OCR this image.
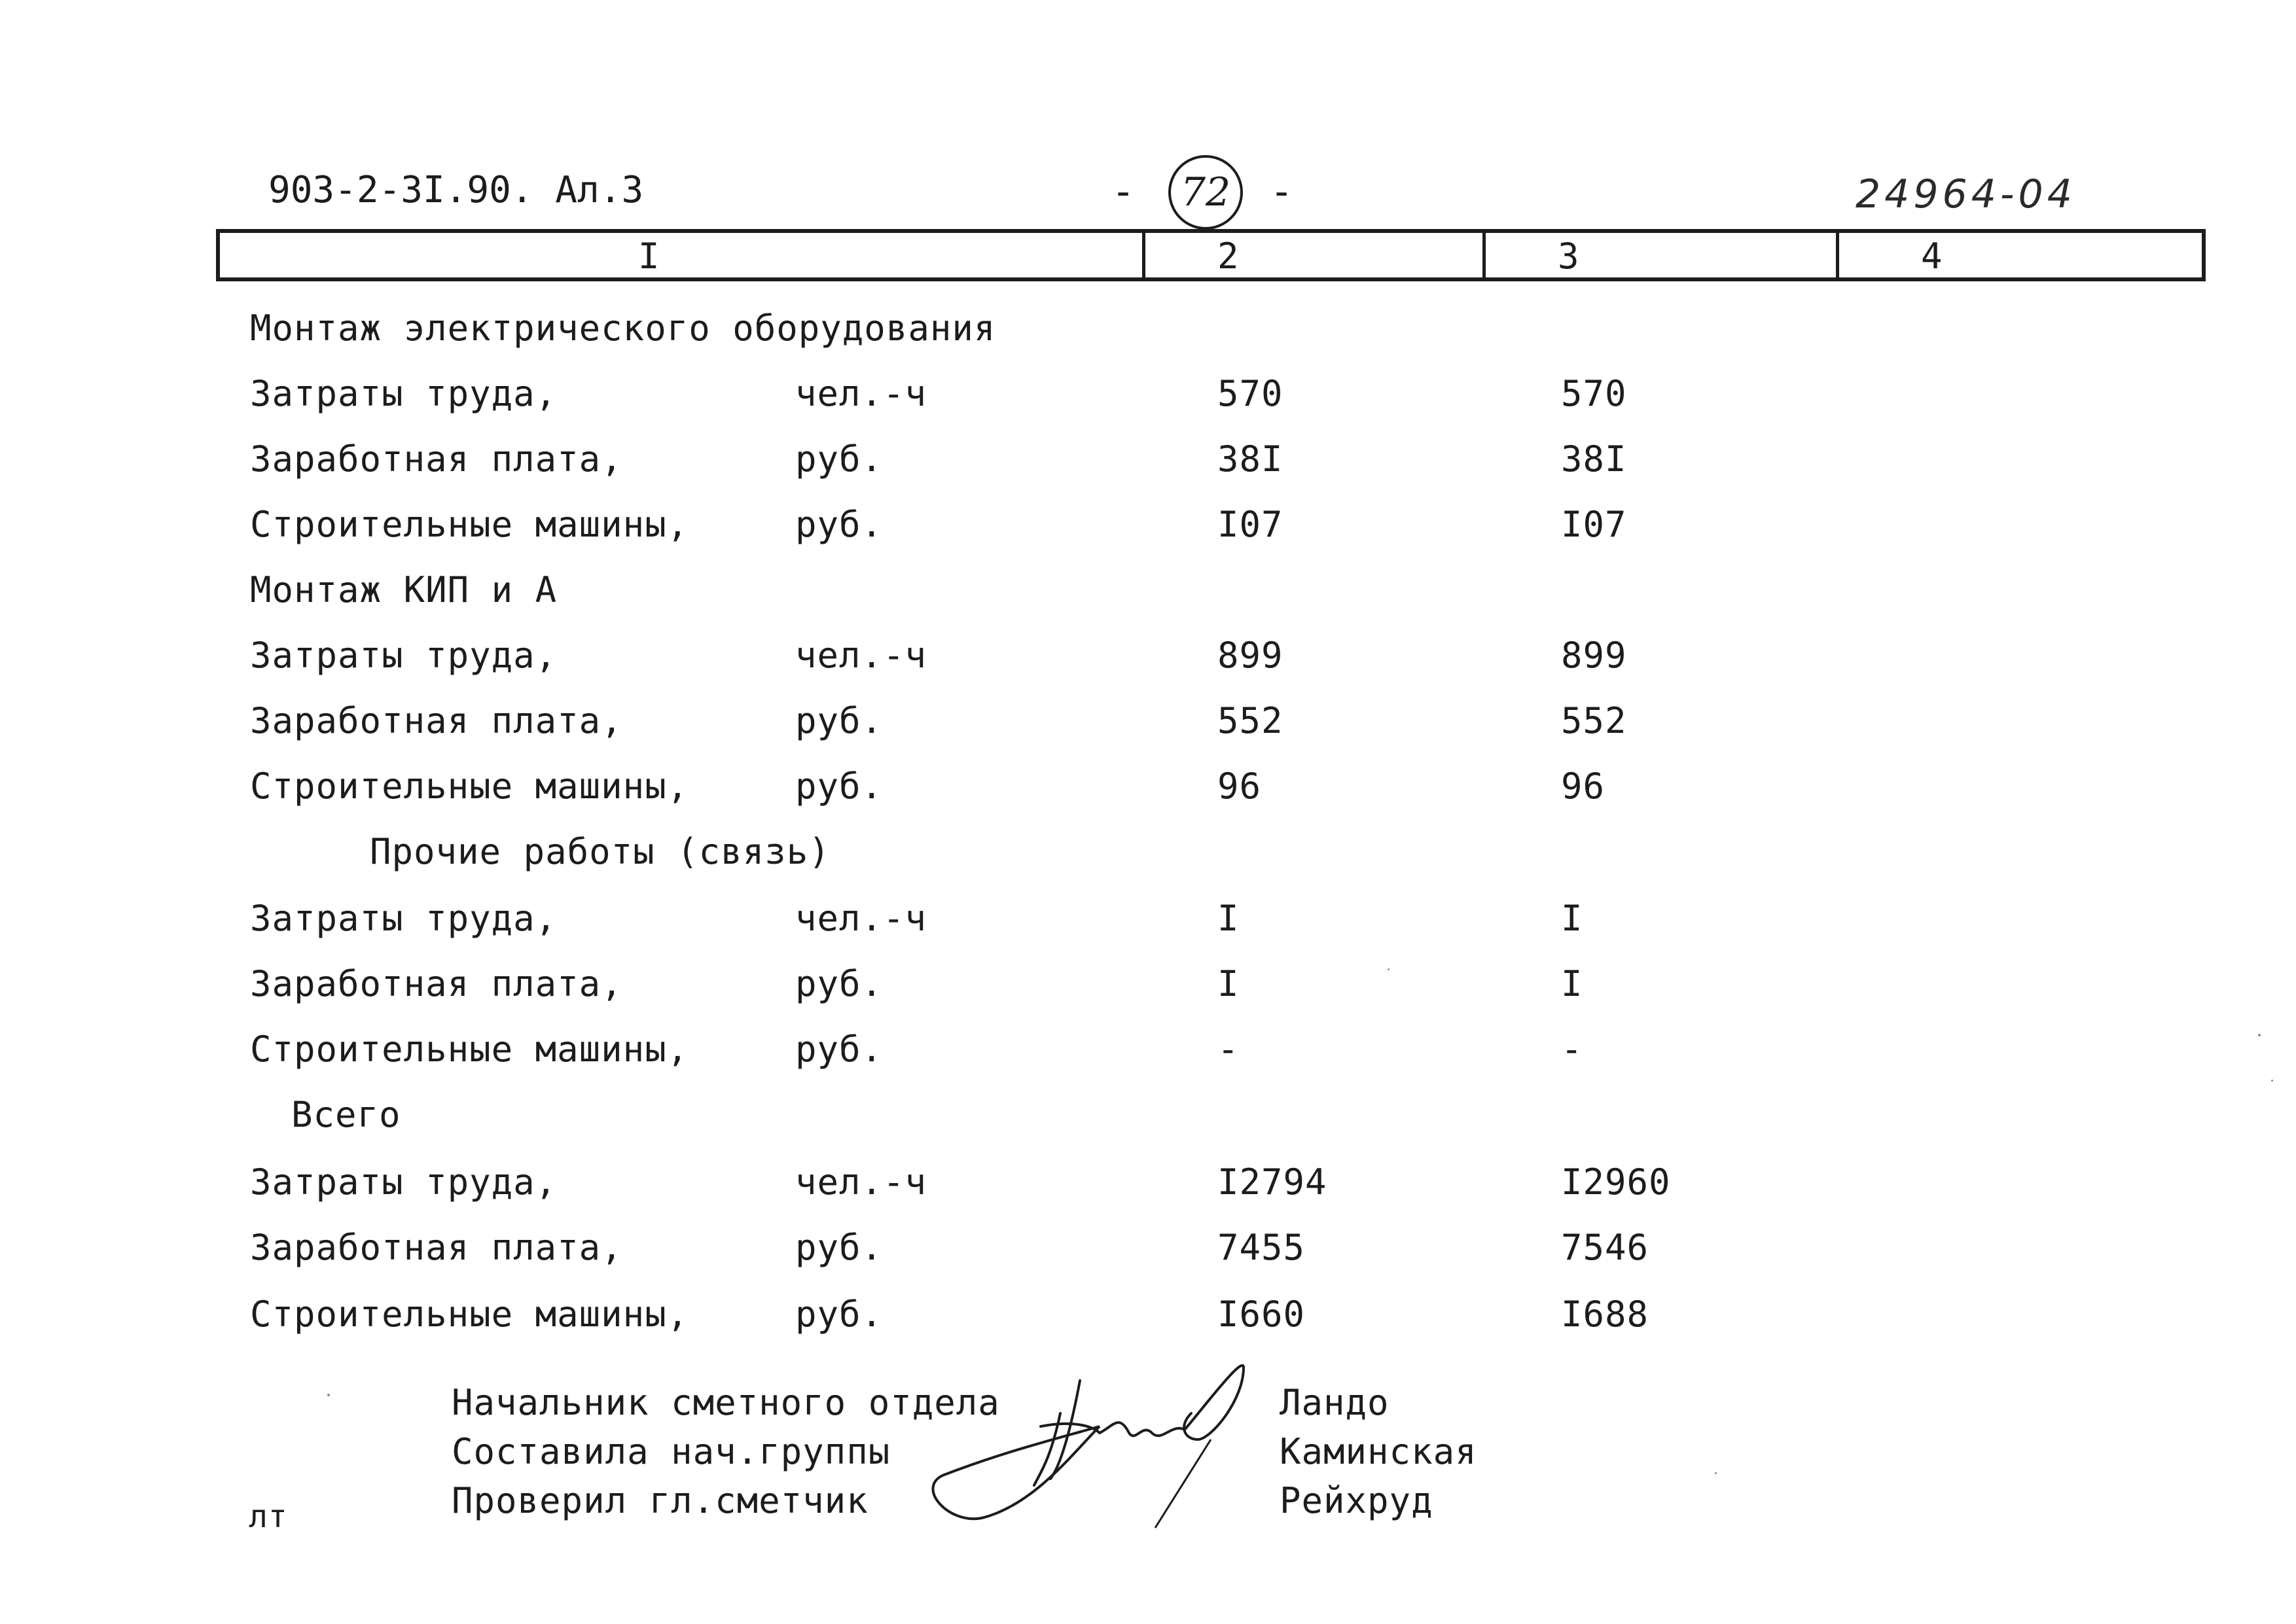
903-2-3I.90. Ал.3	-	72 -	24964-04
I	2	3	4
Монтаж электрического оборудования
Затраты труда,	чел.-ч	570	570
Заработная плата,	руб.	38I	38I
Строительные машины,	руб.	I07	I07
Монтаж КИП и А
Затраты труда,	чел.-ч	899	899
Заработная плата,	руб.	552	552
Строительные машины,	руб.	96	96
Прочие работы (связь)
Затраты труда,	чел.-ч	I	I
Заработная плата,	руб.	I	I
Строительные машины,	руб.	-	-
Всего
Затраты труда,	чел.-ч	I2794	I2960
Заработная плата,	руб.	7455	7546
Строительные машины,	руб.	I660	I688
Начальник сметного отдела	Ландо
Составила нач.группы	Каминская
Проверил гл.сметчик	Рейхруд
лт
